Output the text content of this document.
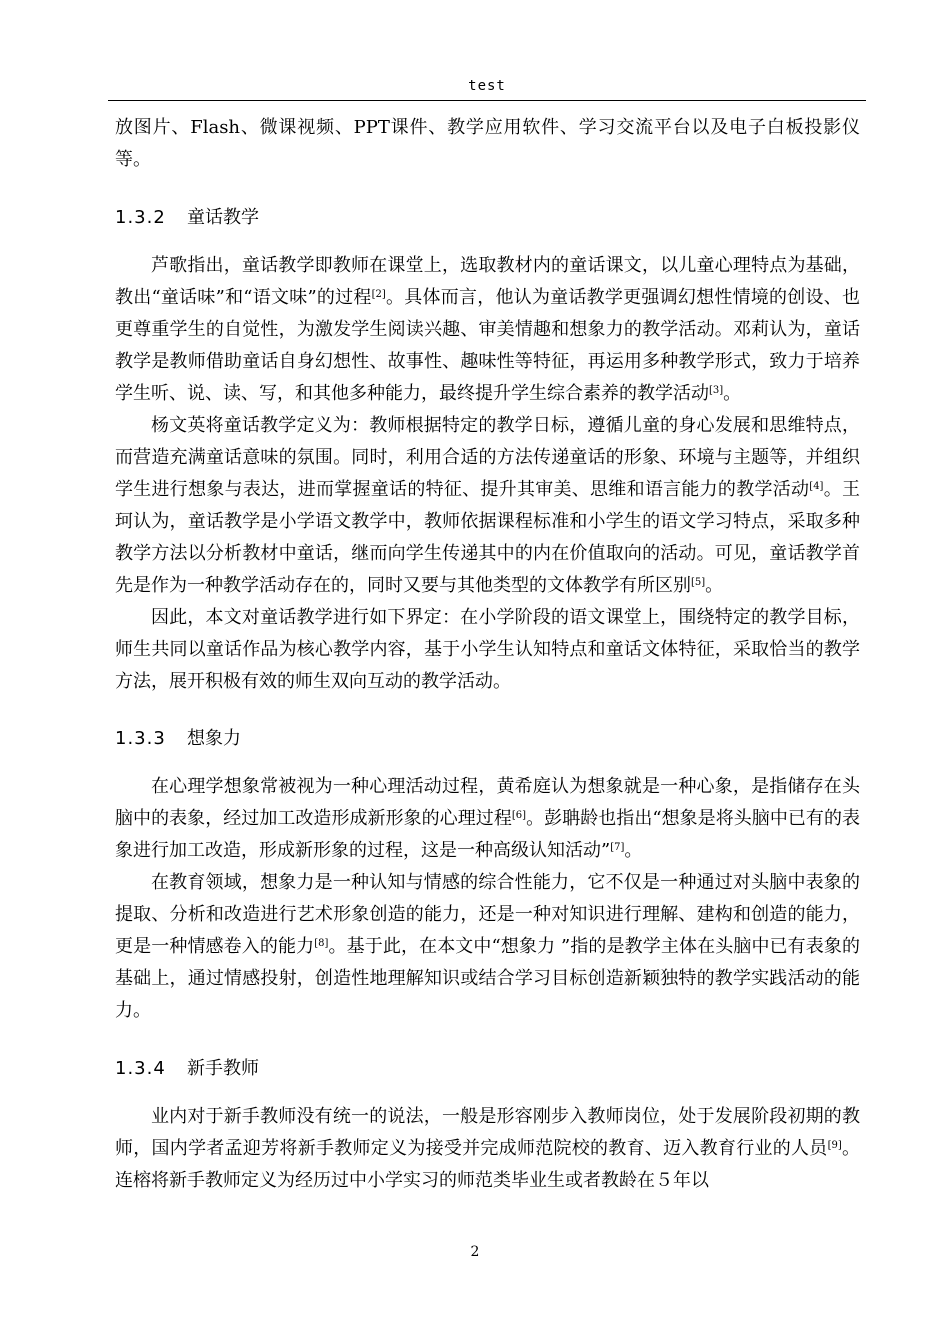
test

放图片、Flash、微课视频、PPT课件、教学应用软件、学习交流平台以及电子白板投影仪等。

1.3.2 童话教学

芦歌指出，童话教学即教师在课堂上，选取教材内的童话课文，以儿童心理特点为基础，教出“童话味”和“语文味”的过程[2]。具体而言，他认为童话教学更强调幻想性情境的创设、也更尊重学生的自觉性，为激发学生阅读兴趣、审美情趣和想象力的教学活动。邓莉认为，童话教学是教师借助童话自身幻想性、故事性、趣味性等特征，再运用多种教学形式，致力于培养学生听、说、读、写，和其他多种能力，最终提升学生综合素养的教学活动[3]。

杨文英将童话教学定义为：教师根据特定的教学日标，遵循儿童的身心发展和思维特点，而营造充满童话意味的氛围。同时，利用合适的方法传递童话的形象、环境与主题等，并组织学生进行想象与表达，进而掌握童话的特征、提升其审美、思维和语言能力的教学活动[4]。王珂认为，童话教学是小学语文教学中，教师依据课程标准和小学生的语文学习特点，采取多种教学方法以分析教材中童话，继而向学生传递其中的内在价值取向的活动。可见，童话教学首先是作为一种教学活动存在的，同时又要与其他类型的文体教学有所区别[5]。

因此，本文对童话教学进行如下界定：在小学阶段的语文课堂上，围绕特定的教学目标，师生共同以童话作品为核心教学内容，基于小学生认知特点和童话文体特征，采取恰当的教学方法，展开积极有效的师生双向互动的教学活动。

1.3.3 想象力

在心理学想象常被视为一种心理活动过程，黄希庭认为想象就是一种心象，是指储存在头脑中的表象，经过加工改造形成新形象的心理过程[6]。彭聃龄也指出“想象是将头脑中已有的表象进行加工改造，形成新形象的过程，这是一种高级认知活动”[7]。

在教育领域，想象力是一种认知与情感的综合性能力，它不仅是一种通过对头脑中表象的提取、分析和改造进行艺术形象创造的能力，还是一种对知识进行理解、建构和创造的能力，更是一种情感卷入的能力[8]。基于此，在本文中“想象力 ”指的是教学主体在头脑中已有表象的基础上，通过情感投射，创造性地理解知识或结合学习目标创造新颖独特的教学实践活动的能力。

1.3.4 新手教师

业内对于新手教师没有统一的说法，一般是形容刚步入教师岗位，处于发展阶段初期的教师，国内学者孟迎芳将新手教师定义为接受并完成师范院校的教育、迈入教育行业的人员[9]。连榕将新手教师定义为经历过中小学实习的师范类毕业生或者教龄在５年以

2
